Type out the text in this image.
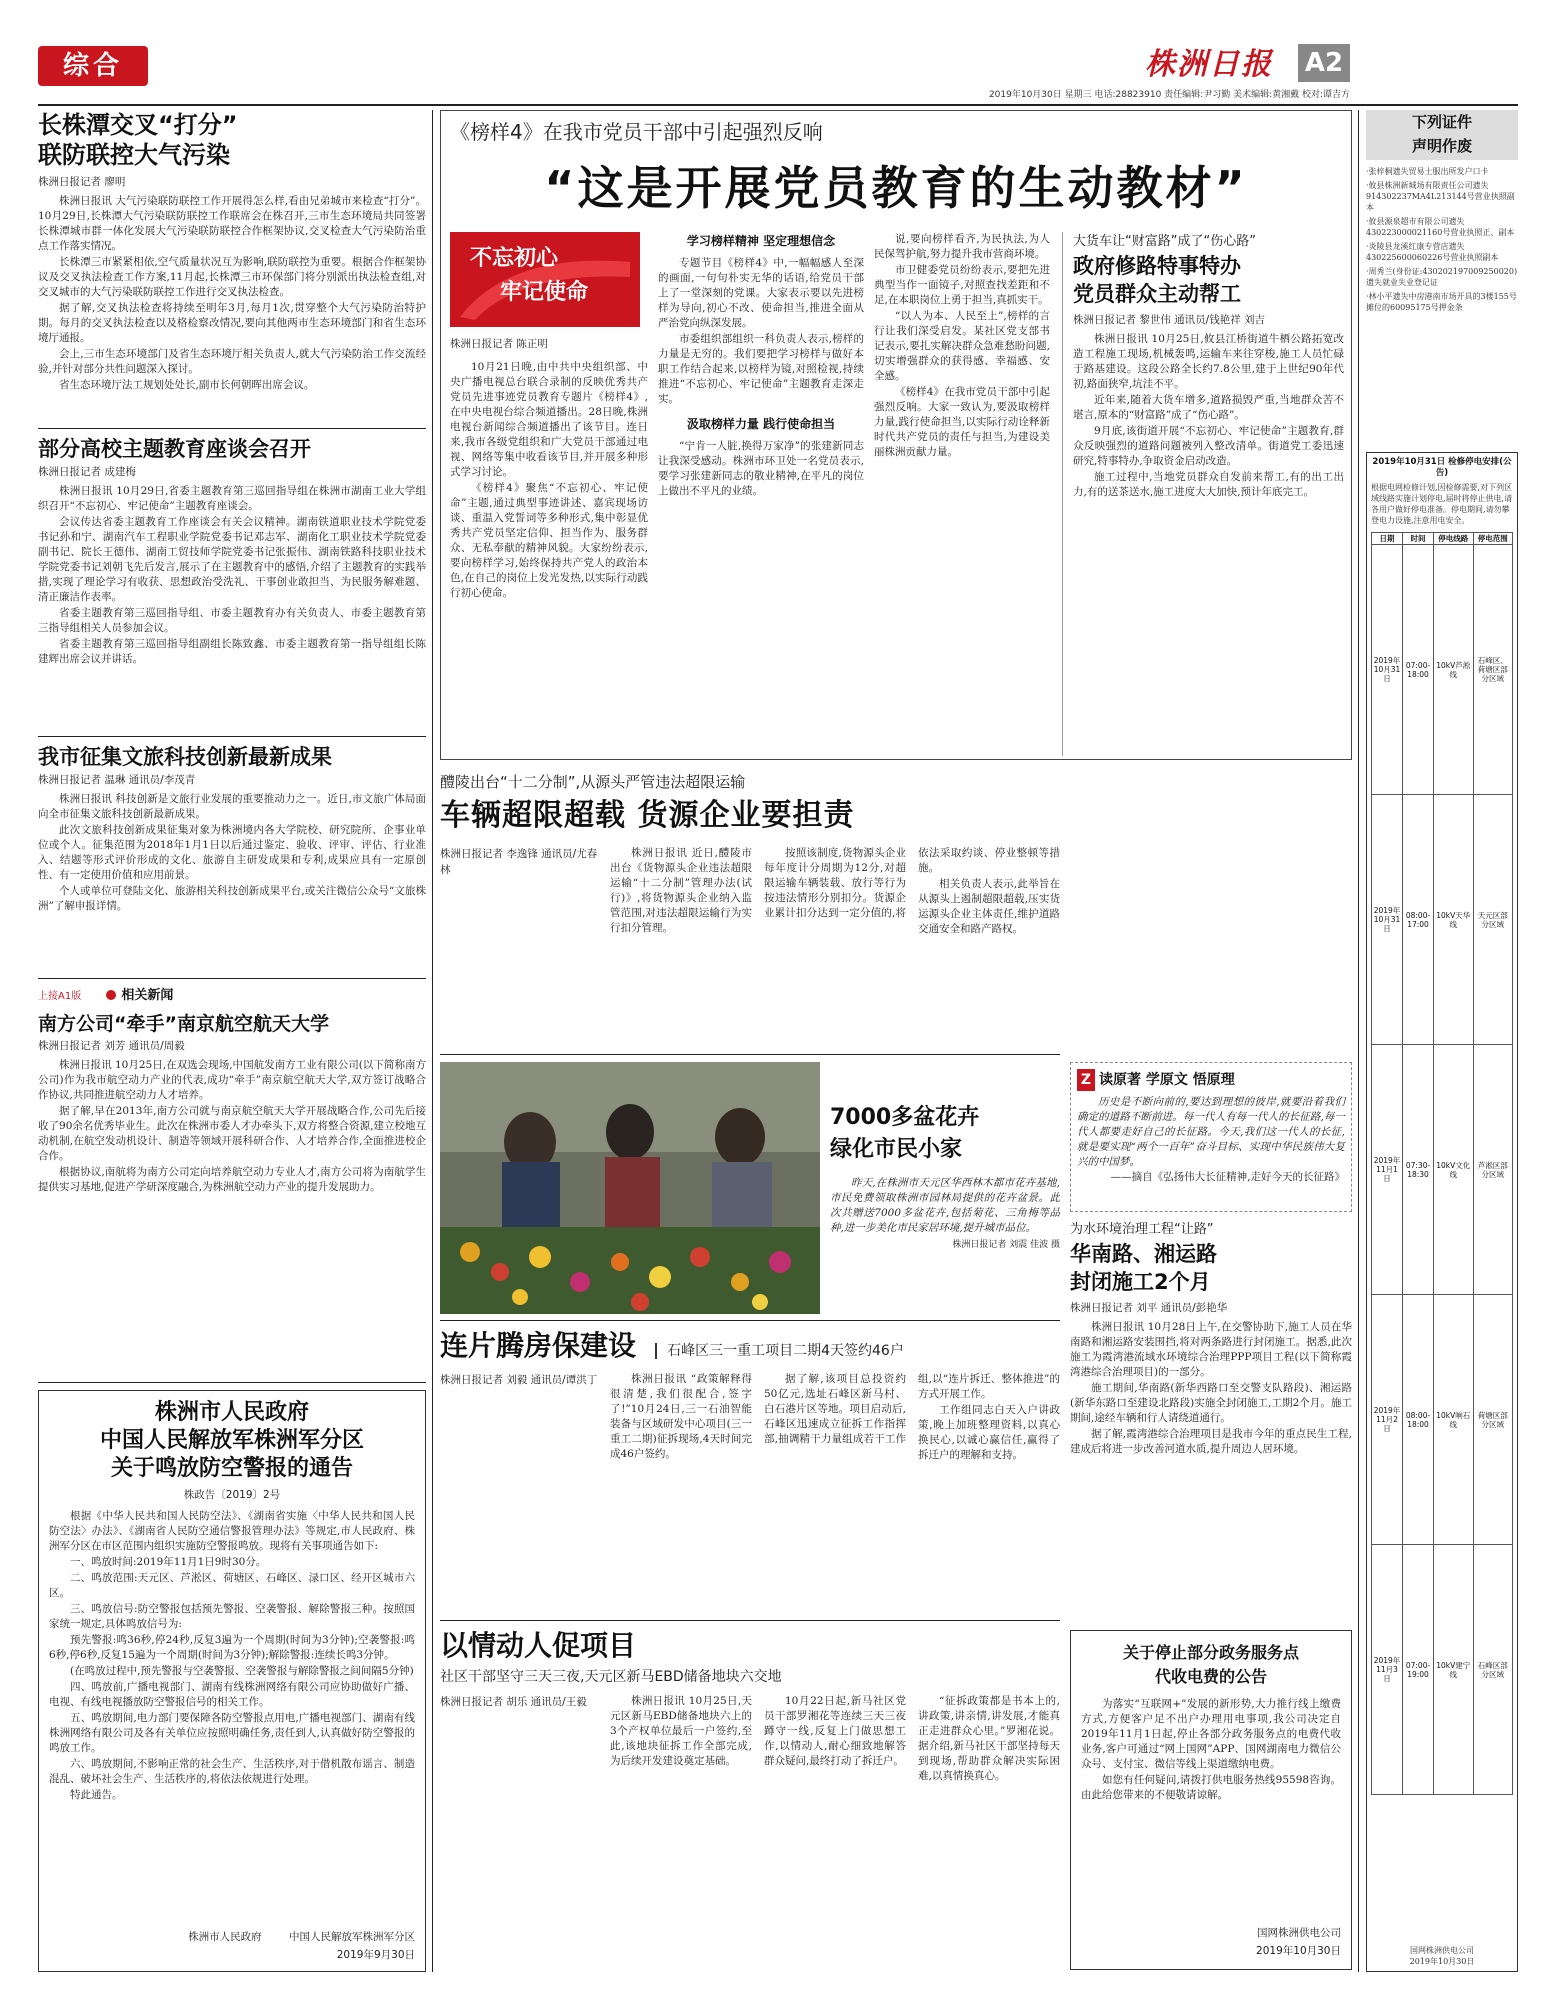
综合	株洲日报	A2
2019年10月30日 星期三 电话:28823910 责任编辑:尹习勤 美术编辑:黄湘戴 校对:谭吉方
长株潭交叉“打分”
联防联控大气污染
株洲日报记者 廖明

株洲日报讯 大气污染联防联控工作开展得怎么样,看由兄弟城市来检查“打分”。10月29日,长株潭大气污染联防联控工作联席会在株召开,三市生态环境局共同签署长株潭城市群一体化发展大气污染联防联控合作框架协议,交叉检查大气污染防治重点工作落实情况。

长株潭三市紧紧相依,空气质量状况互为影响,联防联控为重要。根据合作框架协议及交叉执法检查工作方案,11月起,长株潭三市环保部门将分别派出执法检查组,对交叉城市的大气污染联防联控工作进行交叉执法检查。

据了解,交叉执法检查将持续至明年3月,每月1次,贯穿整个大气污染防治特护期。每月的交叉执法检查以及格检察改情况,要向其他两市生态环境部门和省生态环境厅通报。

会上,三市生态环境部门及省生态环境厅相关负责人,就大气污染防治工作交流经验,并针对部分共性问题深入探讨。

省生态环境厅法工规划处处长,副市长何朝晖出席会议。

部分高校主题教育座谈会召开
株洲日报记者 成建梅

株洲日报讯 10月29日,省委主题教育第三巡回指导组在株洲市湖南工业大学组织召开“不忘初心、牢记使命”主题教育座谈会。

会议传达省委主题教育工作座谈会有关会议精神。湖南铁道职业技术学院党委书记孙和宁、湖南汽车工程职业学院党委书记邓志军、湖南化工职业技术学院党委副书记、院长王德伟、湖南工贸技师学院党委书记张振伟、湖南铁路科技职业技术学院党委书记刘朝飞先后发言,展示了在主题教育中的感悟,介绍了主题教育的实践举措,实现了理论学习有收获、思想政治受洗礼、干事创业敢担当、为民服务解难题、清正廉洁作表率。

省委主题教育第三巡回指导组、市委主题教育办有关负责人、市委主题教育第三指导组相关人员参加会议。

省委主题教育第三巡回指导组副组长陈致鑫、市委主题教育第一指导组组长陈建辉出席会议并讲话。

我市征集文旅科技创新最新成果
株洲日报记者 温琳 通讯员/李茂青

株洲日报讯 科技创新是文旅行业发展的重要推动力之一。近日,市文旅广体局面向全市征集文旅科技创新最新成果。

此次文旅科技创新成果征集对象为株洲境内各大学院校、研究院所、企事业单位或个人。征集范围为2018年1月1日以后通过鉴定、验收、评审、评估、行业准入、结题等形式评价形成的文化、旅游自主研发成果和专利,成果应具有一定原创性、有一定使用价值和应用前景。

个人或单位可登陆文化、旅游相关科技创新成果平台,或关注微信公众号“文旅株洲”了解申报详情。

上接A1版	相关新闻
南方公司“牵手”南京航空航天大学
株洲日报记者 刘芳 通讯员/周毅

株洲日报讯 10月25日,在双选会现场,中国航发南方工业有限公司(以下简称南方公司)作为我市航空动力产业的代表,成功“牵手”南京航空航天大学,双方签订战略合作协议,共同推进航空动力人才培养。

据了解,早在2013年,南方公司就与南京航空航天大学开展战略合作,公司先后接收了90余名优秀毕业生。此次在株洲市委人才办牵头下,双方将整合资源,建立校地互动机制,在航空发动机设计、制造等领域开展科研合作、人才培养合作,全面推进校企合作。

根据协议,南航将为南方公司定向培养航空动力专业人才,南方公司将为南航学生提供实习基地,促进产学研深度融合,为株洲航空动力产业的提升发展助力。

株洲市人民政府
中国人民解放军株洲军分区
关于鸣放防空警报的通告
株政告〔2019〕2号

根据《中华人民共和国人民防空法》、《湖南省实施〈中华人民共和国人民防空法〉办法》、《湖南省人民防空通信警报管理办法》等规定,市人民政府、株洲军分区在市区范围内组织实施防空警报鸣放。现将有关事项通告如下:

一、鸣放时间:2019年11月1日9时30分。

二、鸣放范围:天元区、芦淞区、荷塘区、石峰区、渌口区、经开区城市六区。

三、鸣放信号:防空警报包括预先警报、空袭警报、解除警报三种。按照国家统一规定,具体鸣放信号为:

预先警报:鸣36秒,停24秒,反复3遍为一个周期(时间为3分钟);空袭警报:鸣6秒,停6秒,反复15遍为一个周期(时间为3分钟);解除警报:连续长鸣3分钟。

(在鸣放过程中,预先警报与空袭警报、空袭警报与解除警报之间间隔5分钟)

四、鸣放前,广播电视部门、湖南有线株洲网络有限公司应协助做好广播、电视、有线电视播放防空警报信号的相关工作。

五、鸣放期间,电力部门要保障各防空警报点用电,广播电视部门、湖南有线株洲网络有限公司及各有关单位应按照明确任务,责任到人,认真做好防空警报的鸣放工作。

六、鸣放期间,不影响正常的社会生产、生活秩序,对于借机散布谣言、制造混乱、破坏社会生产、生活秩序的,将依法依规进行处理。

特此通告。

株洲市人民政府	中国人民解放军株洲军分区
2019年9月30日
《榜样4》在我市党员干部中引起强烈反响
“这是开展党员教育的生动教材”
不忘初心
牢记使命
株洲日报记者 陈正明

10月21日晚,由中共中央组织部、中央广播电视总台联合录制的反映优秀共产党员先进事迹党员教育专题片《榜样4》,在中央电视台综合频道播出。28日晚,株洲电视台新闻综合频道播出了该节目。连日来,我市各级党组织和广大党员干部通过电视、网络等集中收看该节目,并开展多种形式学习讨论。

《榜样4》聚焦“不忘初心、牢记使命”主题,通过典型事迹讲述、嘉宾现场访谈、重温入党誓词等多种形式,集中彰显优秀共产党员坚定信仰、担当作为、服务群众、无私奉献的精神风貌。大家纷纷表示,要向榜样学习,始终保持共产党人的政治本色,在自己的岗位上发光发热,以实际行动践行初心使命。

学习榜样精神 坚定理想信念

专题节目《榜样4》中,一幅幅感人至深的画面,一句句朴实无华的话语,给党员干部上了一堂深刻的党课。大家表示要以先进榜样为导向,初心不改、使命担当,推进全面从严治党向纵深发展。

市委组织部组织一科负责人表示,榜样的力量是无穷的。我们要把学习榜样与做好本职工作结合起来,以榜样为镜,对照检视,持续推进“不忘初心、牢记使命”主题教育走深走实。

汲取榜样力量 践行使命担当

“宁肯一人脏,换得万家净”的张建新同志让我深受感动。株洲市环卫处一名党员表示,要学习张建新同志的敬业精神,在平凡的岗位上做出不平凡的业绩。

说,要向榜样看齐,为民执法,为人民保驾护航,努力提升我市营商环境。

市卫健委党员纷纷表示,要把先进典型当作一面镜子,对照查找差距和不足,在本职岗位上勇于担当,真抓实干。

“以人为本、人民至上”,榜样的言行让我们深受启发。某社区党支部书记表示,要扎实解决群众急难愁盼问题,切实增强群众的获得感、幸福感、安全感。

《榜样4》在我市党员干部中引起强烈反响。大家一致认为,要汲取榜样力量,践行使命担当,以实际行动诠释新时代共产党员的责任与担当,为建设美丽株洲贡献力量。

大货车让“财富路”成了“伤心路”
政府修路特事特办
党员群众主动帮工
株洲日报记者 黎世伟 通讯员/钱艳祥 刘吉

株洲日报讯 10月25日,攸县江桥街道牛栖公路拓宽改造工程施工现场,机械轰鸣,运输车来往穿梭,施工人员忙碌于路基建设。这段公路全长约7.8公里,建于上世纪90年代初,路面狭窄,坑洼不平。

近年来,随着大货车增多,道路损毁严重,当地群众苦不堪言,原本的“财富路”成了“伤心路”。

9月底,该街道开展“不忘初心、牢记使命”主题教育,群众反映强烈的道路问题被列入整改清单。街道党工委迅速研究,特事特办,争取资金启动改造。

施工过程中,当地党员群众自发前来帮工,有的出工出力,有的送茶送水,施工进度大大加快,预计年底完工。

醴陵出台“十二分制”,从源头严管违法超限运输
车辆超限超载 货源企业要担责
株洲日报记者 李逸锋 通讯员/尤春林

株洲日报讯 近日,醴陵市出台《货物源头企业违法超限运输“十二分制”管理办法(试行)》,将货物源头企业纳入监管范围,对违法超限运输行为实行扣分管理。

按照该制度,货物源头企业每年度计分周期为12分,对超限运输车辆装载、放行等行为按违法情形分别扣分。货源企业累计扣分达到一定分值的,将依法采取约谈、停业整顿等措施。

相关负责人表示,此举旨在从源头上遏制超限超载,压实货运源头企业主体责任,维护道路交通安全和路产路权。

7000多盆花卉
绿化市民小家

昨天,在株洲市天元区华西林木都市花卉基地,市民免费领取株洲市园林局提供的花卉盆景。此次共赠送7000多盆花卉,包括菊花、三角梅等品种,进一步美化市民家居环境,提升城市品位。

株洲日报记者 刘震 佳波 摄
Z 读原著 学原文 悟原理
历史是不断向前的,要达到理想的彼岸,就要沿着我们确定的道路不断前进。每一代人有每一代人的长征路,每一代人都要走好自己的长征路。今天,我们这一代人的长征,就是要实现“两个一百年”奋斗目标、实现中华民族伟大复兴的中国梦。
——摘自《弘扬伟大长征精神,走好今天的长征路》
为水环境治理工程“让路”
华南路、湘运路
封闭施工2个月
株洲日报记者 刘平 通讯员/彭艳华

株洲日报讯 10月28日上午,在交警协助下,施工人员在华南路和湘运路安装围挡,将对两条路进行封闭施工。据悉,此次施工为霞湾港流域水环境综合治理PPP项目工程(以下简称霞湾港综合治理项目)的一部分。

施工期间,华南路(新华西路口至交警支队路段)、湘运路(新华东路口至建设北路段)实施全封闭施工,工期2个月。施工期间,途经车辆和行人请绕道通行。

据了解,霞湾港综合治理项目是我市今年的重点民生工程,建成后将进一步改善河道水质,提升周边人居环境。

连片腾房保建设 石峰区三一重工项目二期4天签约46户
株洲日报记者 刘毅 通讯员/谭洪丁	株洲日报讯 “政策解释得很清楚,我们很配合,签字了!”10月24日,三一石油智能装备与区域研发中心项目(三一重工二期)征拆现场,4天时间完成46户签约。

据了解,该项目总投资约50亿元,选址石峰区新马村、白石港片区等地。项目启动后,石峰区迅速成立征拆工作指挥部,抽调精干力量组成若干工作组,以“连片拆迁、整体推进”的方式开展工作。

工作组同志白天入户讲政策,晚上加班整理资料,以真心换民心,以诚心赢信任,赢得了拆迁户的理解和支持。

以情动人促项目
社区干部坚守三天三夜,天元区新马EBD储备地块六交地
株洲日报记者 胡乐 通讯员/王毅	株洲日报讯 10月25日,天元区新马EBD储备地块六上的3个产权单位最后一户签约,至此,该地块征拆工作全部完成,为后续开发建设奠定基础。

10月22日起,新马社区党员干部罗湘花等连续三天三夜蹲守一线,反复上门做思想工作,以情动人,耐心细致地解答群众疑问,最终打动了拆迁户。

“征拆政策都是书本上的,讲政策,讲亲情,讲发展,才能真正走进群众心里。”罗湘花说。据介绍,新马社区干部坚持每天到现场,帮助群众解决实际困难,以真情换真心。

关于停止部分政务服务点
代收电费的公告

为落实“互联网+”发展的新形势,大力推行线上缴费方式,方便客户足不出户办理用电事项,我公司决定自2019年11月1日起,停止各部分政务服务点的电费代收业务,客户可通过“网上国网”APP、国网湖南电力微信公众号、支付宝、微信等线上渠道缴纳电费。

如您有任何疑问,请拨打供电服务热线95598咨询。由此给您带来的不便敬请谅解。

国网株洲供电公司
2019年10月30日
下列证件
声明作废
·张梓桐遗失贸易土服出所发户口卡
·攸县株洲新城场有限责任公司遗失914302237MA4L213144号营业执照副本
·攸县源泉超市有限公司遗失430223000021160号营业执照正、副本
·炎陵县龙溪红康专营店遗失430225600060226号营业执照副本
·周秀兰(身份证:430202197009250020)遗失就业失业登记证
·林小平遗失中房港南市场开具的3楼155号摊位的60095175号押金条
2019年10月31日 检修停电安排(公告)
根据电网检修计划,因检修需要,对下列区域线路实施计划停电,届时将停止供电,请各用户做好停电准备。停电期间,请勿攀登电力设施,注意用电安全。
日期	时间	停电线路	停电范围
2019年10月31日	07:00-18:00	10kV芦淞线	石峰区、荷塘区部分区域
2019年10月31日	08:00-17:00	10kV天华线	天元区部分区域
2019年11月1日	07:30-18:30	10kV文化线	芦淞区部分区域
2019年11月2日	08:00-18:00	10kV响石线	荷塘区部分区域
2019年11月3日	07:00-19:00	10kV建宁线	石峰区部分区域
国网株洲供电公司
2019年10月30日
